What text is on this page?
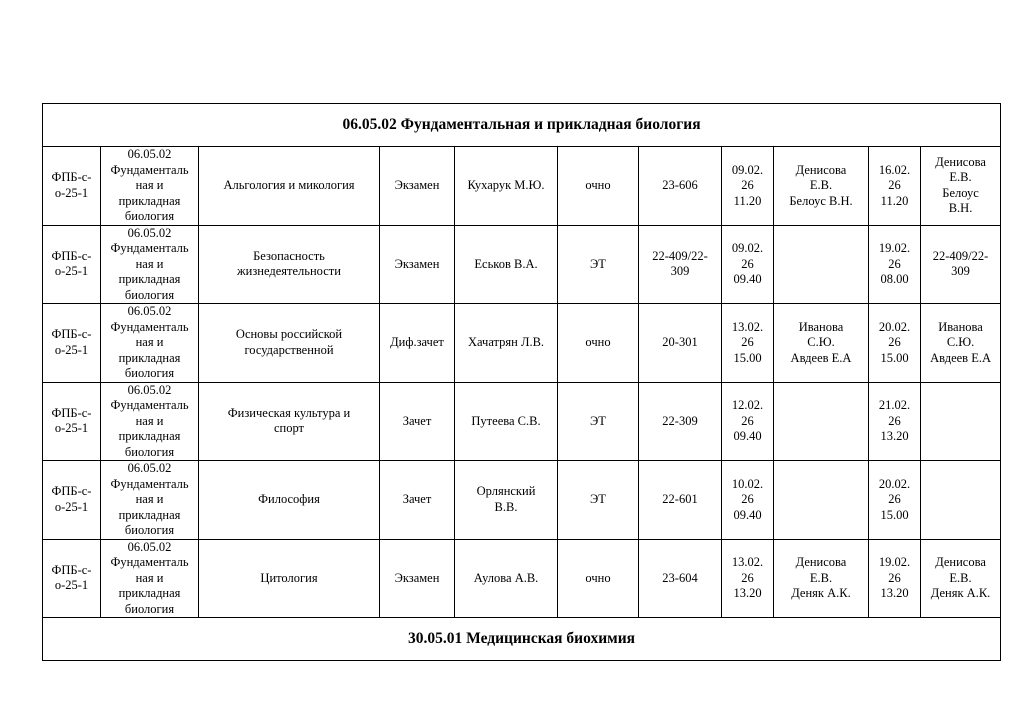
06.05.02 Фундаментальная и прикладная биология										
ФПБ-с-
о-25-1	06.05.02
Фундаменталь
ная и
прикладная
биология	Альгология и микология	Экзамен	Кухарук М.Ю.	очно	23-606	09.02.
26
11.20	Денисова
Е.В.
Белоус В.Н.	16.02.
26
11.20	Денисова
Е.В.
Белоус
В.Н.
ФПБ-с-
о-25-1	06.05.02
Фундаменталь
ная и
прикладная
биология	Безопасность
жизнедеятельности	Экзамен	Еськов В.А.	ЭТ	22-409/22-
309	09.02.
26
09.40		19.02.
26
08.00	22-409/22-
309
ФПБ-с-
о-25-1	06.05.02
Фундаменталь
ная и
прикладная
биология	Основы российской
государственной	Диф.зачет	Хачатрян Л.В.	очно	20-301	13.02.
26
15.00	Иванова
С.Ю.
Авдеев Е.А	20.02.
26
15.00	Иванова
С.Ю.
Авдеев Е.А
ФПБ-с-
о-25-1	06.05.02
Фундаменталь
ная и
прикладная
биология	Физическая культура и
спорт	Зачет	Путеева С.В.	ЭТ	22-309	12.02.
26
09.40		21.02.
26
13.20	
ФПБ-с-
о-25-1	06.05.02
Фундаменталь
ная и
прикладная
биология	Философия	Зачет	Орлянский
В.В.	ЭТ	22-601	10.02.
26
09.40		20.02.
26
15.00	
ФПБ-с-
о-25-1	06.05.02
Фундаменталь
ная и
прикладная
биология	Цитология	Экзамен	Аулова А.В.	очно	23-604	13.02.
26
13.20	Денисова
Е.В.
Деняк А.К.	19.02.
26
13.20	Денисова
Е.В.
Деняк А.К.
30.05.01 Медицинская биохимия										
